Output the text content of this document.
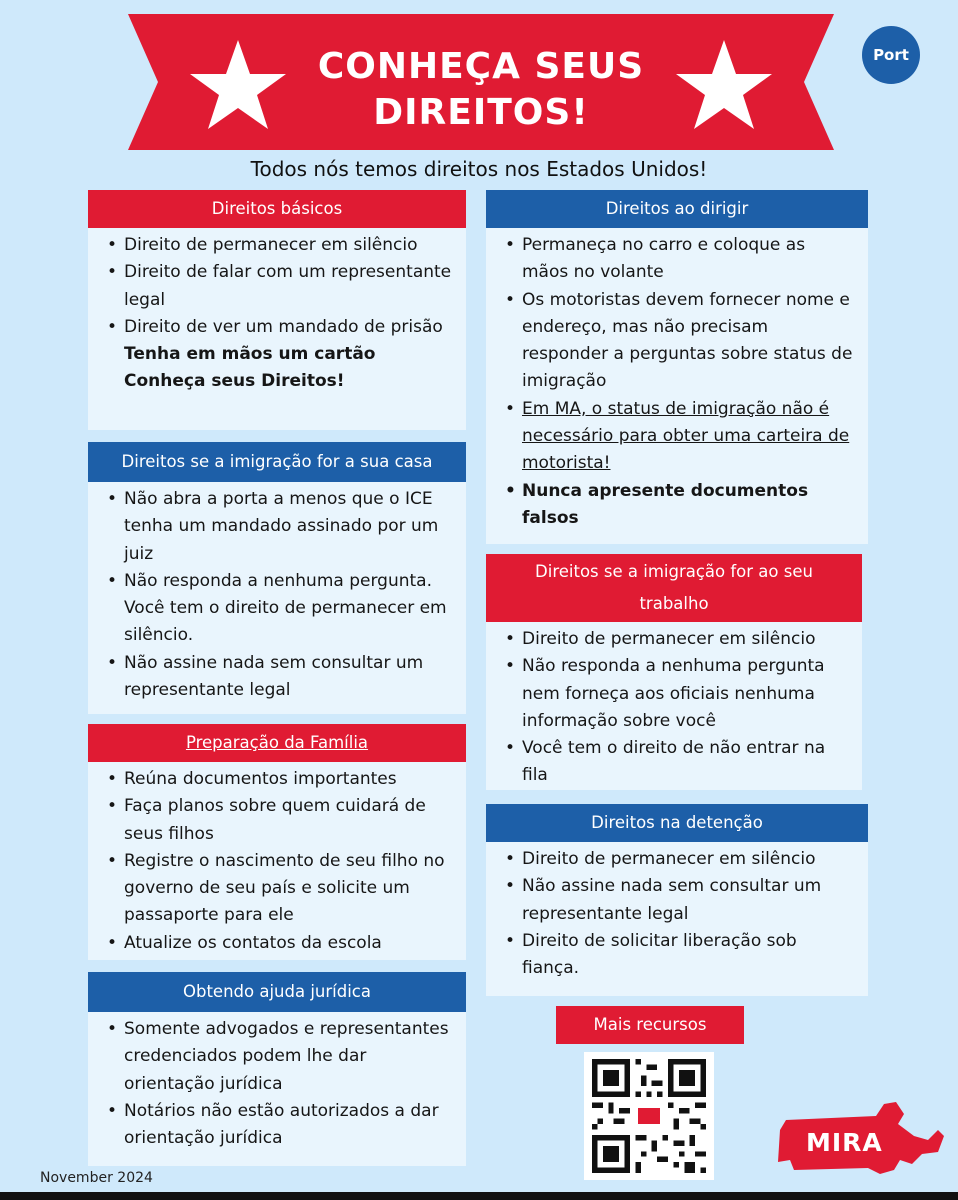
CONHEÇA SEUS
DIREITOS!
Port
Todos nós temos direitos nos Estados Unidos!
Direitos básicos
• Direito de permanecer em silêncio
• Direito de falar com um representante legal
• Direito de ver um mandado de prisão
Tenha em mãos um cartão Conheça seus Direitos!
Direitos se a imigração for a sua casa
• Não abra a porta a menos que o ICE tenha um mandado assinado por um juiz
• Não responda a nenhuma pergunta. Você tem o direito de permanecer em silêncio.
• Não assine nada sem consultar um representante legal
Preparação da Família
• Reúna documentos importantes
• Faça planos sobre quem cuidará de seus filhos
• Registre o nascimento de seu filho no governo de seu país e solicite um passaporte para ele
• Atualize os contatos da escola
Obtendo ajuda jurídica
• Somente advogados e representantes credenciados podem lhe dar orientação jurídica
• Notários não estão autorizados a dar orientação jurídica
Direitos ao dirigir
• Permaneça no carro e coloque as mãos no volante
• Os motoristas devem fornecer nome e endereço, mas não precisam responder a perguntas sobre status de imigração
• Em MA, o status de imigração não é necessário para obter uma carteira de motorista!
• Nunca apresente documentos falsos
Direitos se a imigração for ao seu trabalho
• Direito de permanecer em silêncio
• Não responda a nenhuma pergunta nem forneça aos oficiais nenhuma informação sobre você
• Você tem o direito de não entrar na fila
Direitos na detenção
• Direito de permanecer em silêncio
• Não assine nada sem consultar um representante legal
• Direito de solicitar liberação sob fiança.
Mais recursos
MIRA
November 2024
